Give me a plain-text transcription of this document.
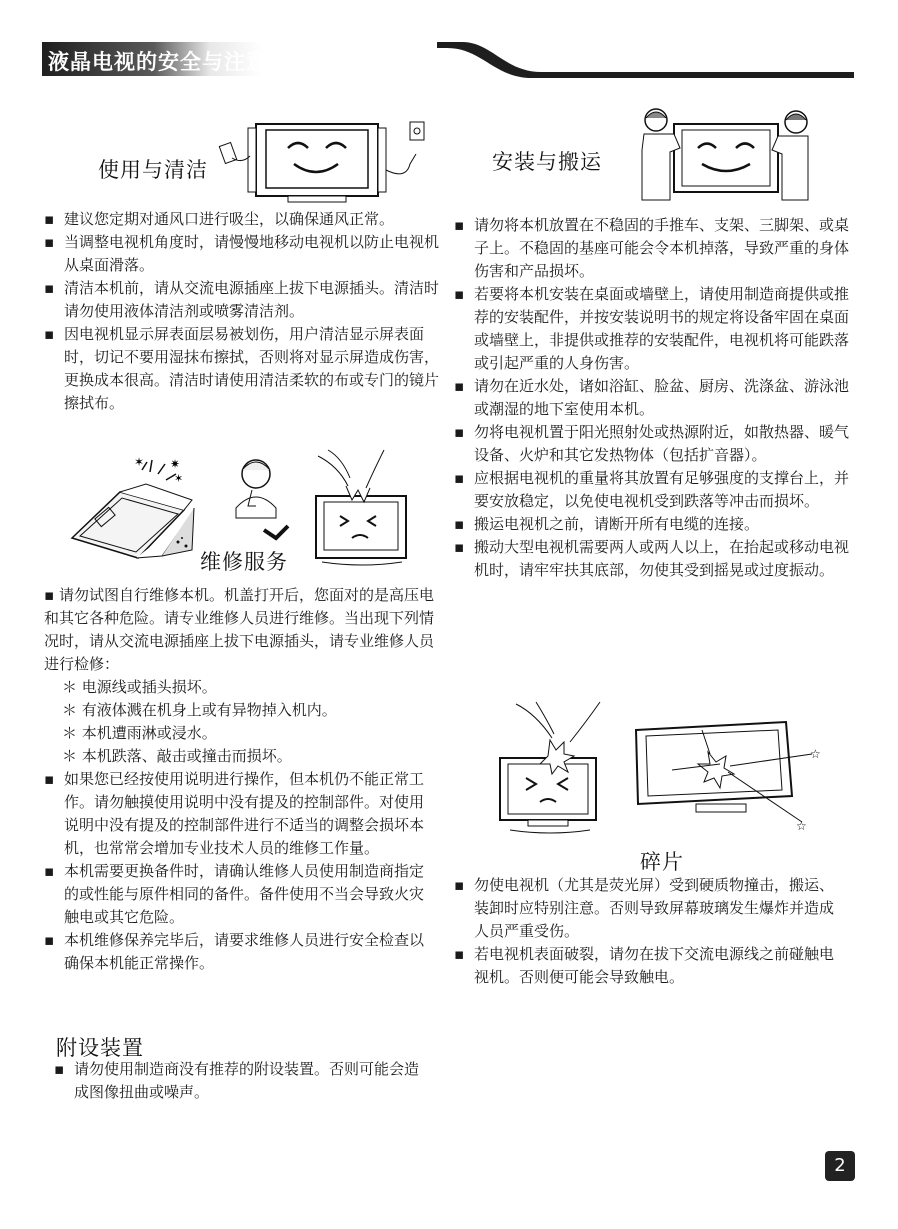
液晶电视的安全与注意事项
使用与清洁
▪ 建议您定期对通风口进行吸尘，以确保通风正常。
▪ 当调整电视机角度时，请慢慢地移动电视机以防止电视机从桌面滑落。
▪ 清洁本机前，请从交流电源插座上拔下电源插头。清洁时请勿使用液体清洁剂或喷雾清洁剂。
▪ 因电视机显示屏表面层易被划伤，用户清洁显示屏表面时，切记不要用湿抹布擦拭，否则将对显示屏造成伤害，更换成本很高。清洁时请使用清洁柔软的布或专门的镜片擦拭布。
✶ ✷
✶
维修服务

▪ 请勿试图自行维修本机。机盖打开后，您面对的是高压电和其它各种危险。请专业维修人员进行维修。当出现下列情况时，请从交流电源插座上拔下电源插头，请专业维修人员进行检修：

＊ 电源线或插头损坏。
＊ 有液体溅在机身上或有异物掉入机内。
＊ 本机遭雨淋或浸水。
＊ 本机跌落、敲击或撞击而损坏。
▪ 如果您已经按使用说明进行操作，但本机仍不能正常工作。请勿触摸使用说明中没有提及的控制部件。对使用说明中没有提及的控制部件进行不适当的调整会损坏本机，也常常会增加专业技术人员的维修工作量。
▪ 本机需要更换备件时，请确认维修人员使用制造商指定的或性能与原件相同的备件。备件使用不当会导致火灾触电或其它危险。
▪ 本机维修保养完毕后，请要求维修人员进行安全检查以确保本机能正常操作。
附设装置
▪ 请勿使用制造商没有推荐的附设装置。否则可能会造成图像扭曲或噪声。
安装与搬运
▪ 请勿将本机放置在不稳固的手推车、支架、三脚架、或桌子上。不稳固的基座可能会令本机掉落，导致严重的身体伤害和产品损坏。
▪ 若要将本机安装在桌面或墙壁上，请使用制造商提供或推荐的安装配件，并按安装说明书的规定将设备牢固在桌面或墙壁上，非提供或推荐的安装配件，电视机将可能跌落或引起严重的人身伤害。
▪ 请勿在近水处，诸如浴缸、脸盆、厨房、洗涤盆、游泳池或潮湿的地下室使用本机。
▪ 勿将电视机置于阳光照射处或热源附近，如散热器、暖气设备、火炉和其它发热物体（包括扩音器）。
▪ 应根据电视机的重量将其放置有足够强度的支撑台上，并要安放稳定，以免使电视机受到跌落等冲击而损坏。
▪ 搬运电视机之前，请断开所有电缆的连接。
▪ 搬动大型电视机需要两人或两人以上，在抬起或移动电视机时，请牢牢扶其底部，勿使其受到摇晃或过度振动。
☆
☆
碎片
▪ 勿使电视机（尤其是荧光屏）受到硬质物撞击，搬运、装卸时应特别注意。否则导致屏幕玻璃发生爆炸并造成人员严重受伤。
▪ 若电视机表面破裂，请勿在拔下交流电源线之前碰触电视机。否则便可能会导致触电。
2
